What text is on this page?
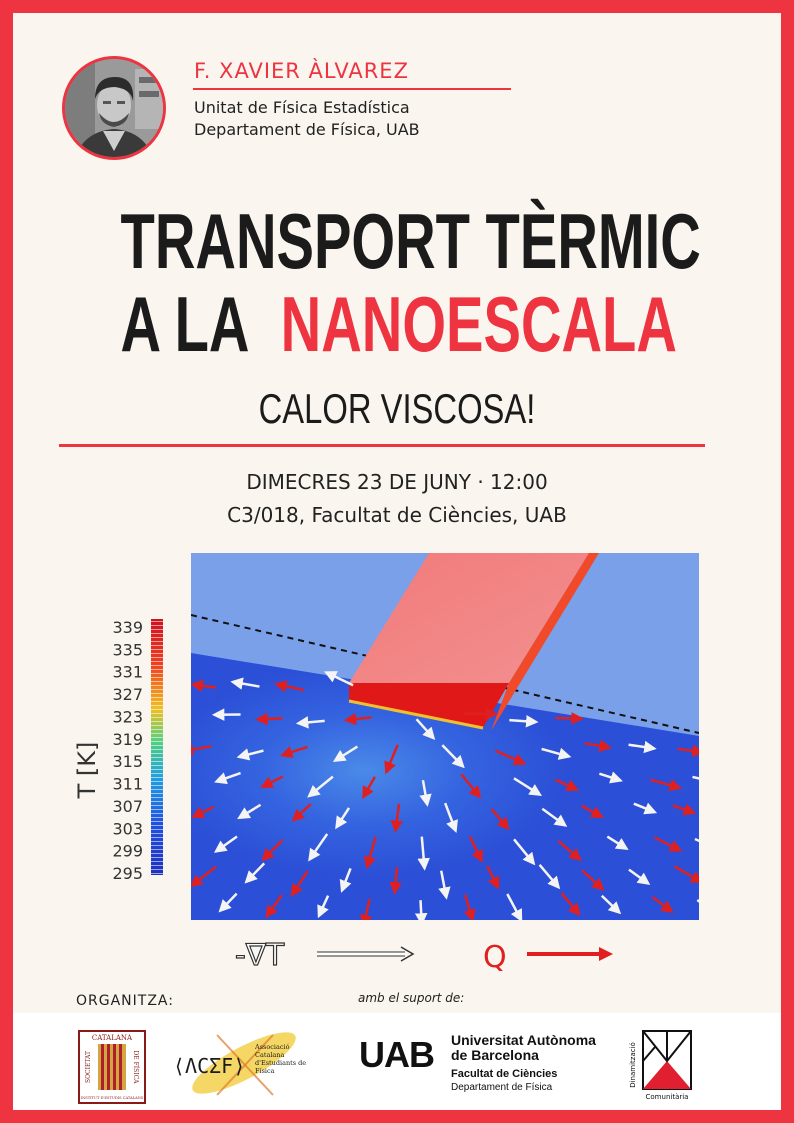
F. XAVIER ÀLVAREZ
Unitat de Física Estadística
Departament de Física, UAB
TRANSPORT TÈRMIC
A LA NANOESCALA
CALOR VISCOSA!
DIMECRES 23 DE JUNY · 12:00
C3/018, Facultat de Ciències, UAB
T [K]
339
335
331
327
323
319
315
311
307
303
299
295
-∇T	Q
ORGANITZA:	amb el suport de:
CATALANA
SOCIETAT	DE FÍSICA
INSTITUT D'ESTUDIS CATALANS
⟨ΛCΣF⟩
Associació
Catalana
d'Estudiants de
Física UAB Universitat Autònoma
de Barcelona
Facultat de Ciències
Departament de Física	Dinamització
Comunitària
